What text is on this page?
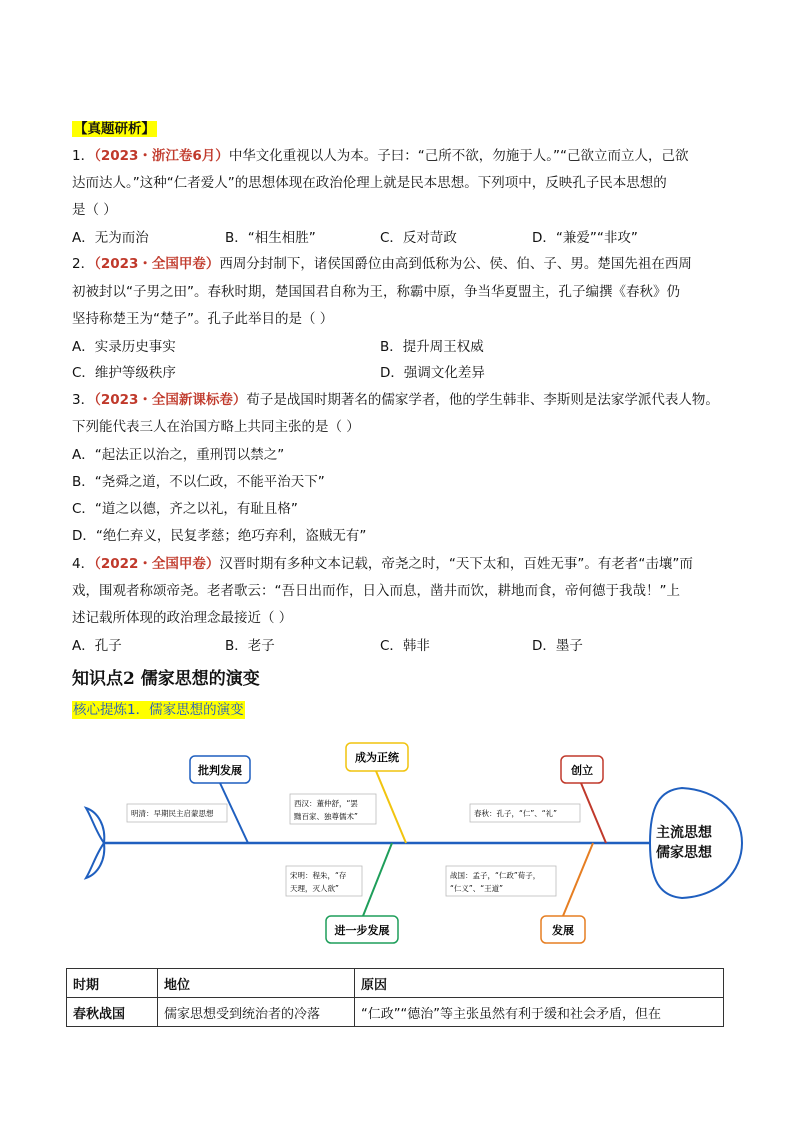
【真题研析】
1．（2023・浙江卷6月）中华文化重视以人为本。子曰：“己所不欲，勿施于人。”“己欲立而立人，己欲
达而达人。”这种“仁者爱人”的思想体现在政治伦理上就是民本思想。下列项中，反映孔子民本思想的
是（ ）
A．无为而治	B．“相生相胜”	C．反对苛政	D．“兼爱”“非攻”
2．（2023・全国甲卷）西周分封制下，诸侯国爵位由高到低称为公、侯、伯、子、男。楚国先祖在西周
初被封以“子男之田”。春秋时期，楚国国君自称为王，称霸中原，争当华夏盟主，孔子编撰《春秋》仍
坚持称楚王为“楚子”。孔子此举目的是（ ）
A．实录历史事实	B．提升周王权威
C．维护等级秩序	D．强调文化差异
3．（2023・全国新课标卷）荀子是战国时期著名的儒家学者，他的学生韩非、李斯则是法家学派代表人物。
下列能代表三人在治国方略上共同主张的是（ ）
A．“起法正以治之，重刑罚以禁之”
B．“尧舜之道，不以仁政，不能平治天下”
C．“道之以德，齐之以礼，有耻且格”
D．“绝仁弃义，民复孝慈；绝巧弃利，盗贼无有”
4．（2022・全国甲卷）汉晋时期有多种文本记载，帝尧之时，“天下太和，百姓无事”。有老者“击壤”而
戏，围观者称颂帝尧。老者歌云：“吾日出而作，日入而息，凿井而饮，耕地而食，帝何德于我哉！”上
述记载所体现的政治理念最接近（ ）
A．孔子	B．老子	C．韩非	D．墨子
知识点2 儒家思想的演变
核心提炼1．儒家思想的演变
主流思想
儒家思想
批判发展
成为正统
创立
进一步发展	发展
明清：早期民主启蒙思想
西汉：董仲舒，“罢
黜百家、独尊儒术”	春秋：孔子，“仁”、“礼”
宋明：程朱，“存
天理，灭人欲”
战国：孟子，“仁政”荀子，
“仁义”、“王道”
时期	地位	原因
春秋战国	儒家思想受到统治者的冷落	“仁政”“德治”等主张虽然有利于缓和社会矛盾，但在
